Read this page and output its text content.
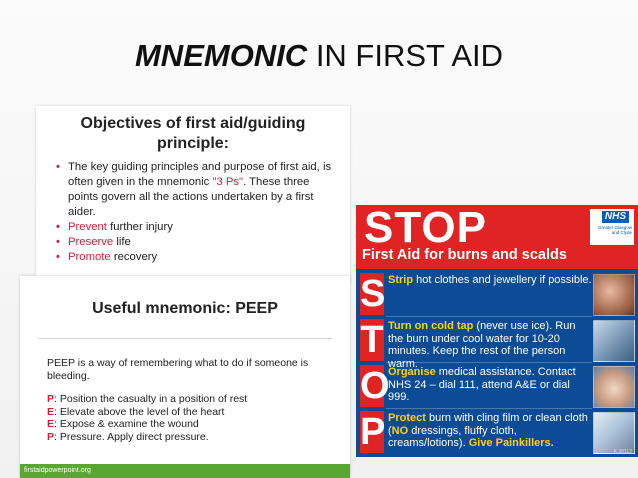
MNEMONIC IN FIRST AID
Objectives of first aid/guiding
principle:
• The key guiding principles and purpose of first aid, is often given in the mnemonic "3 Ps". These three points govern all the actions undertaken by a first aider.
• Prevent further injury
• Preserve life
• Promote recovery
Useful mnemonic: PEEP
PEEP is a way of remembering what to do if someone is bleeding.
P: Position the casualty in a position of rest
E: Elevate above the level of the heart
E: Expose & examine the wound
P: Pressure. Apply direct pressure.
firstaidpowerpoint.org
STOP
First Aid for burns and scalds
NHS
Greater Glasgow and Clyde
S Strip hot clothes and jewellery if possible.
T Turn on cold tap (never use ice). Run the burn under cool water for 10-20 minutes. Keep the rest of the person warm.
O
Organise medical assistance. Contact NHS 24 – dial 111, attend A&E or dial 999.
P Protect burn with cling film or clean cloth (NO dressings, fluffy cloth, creams/lotions). Give Painkillers.
K 38112
